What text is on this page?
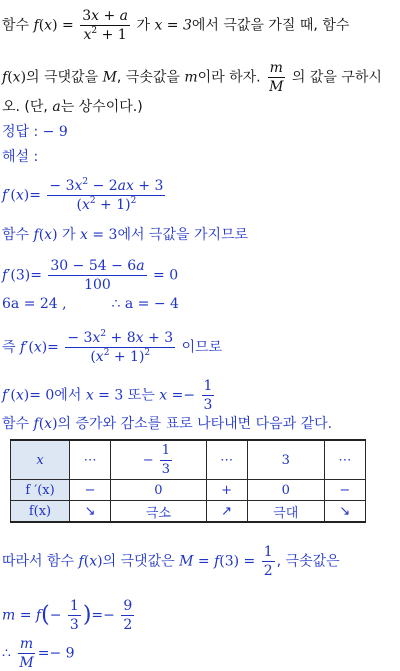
함수 $f(x) = \frac{3x + a}{x^2 + 1}$ 가 x = 3에서 극값을 가질 때, 함수
f(x)의 극댓값을 M, 극솟값을 m이라 하자. $\frac{m}{M}$ 의 값을 구하시
오. (단, a는 상수이다.)
정답 : − 9
해설 :
$f'(x)= \frac{- 3x^2 - 2ax + 3}{(x^2 + 1)^2}$
함수 f(x) 가 x = 3에서 극값을 가지므로
$f'(3)= \frac{30 - 54 - 6a}{100} = 0$
6a = 24 ,	∴ a = − 4
즉 $f'(x)= \frac{- 3x^2 + 8x + 3}{(x^2 + 1)^2}$ 이므로
f′(x)= 0에서 x = 3 또는 $x =- \frac{1}{3}$
함수 f(x)의 증가와 감소를 표로 나타내면 다음과 같다.
x	⋯	− $\frac{1}{3}$	⋯	3	⋯
f ′(x)	−	0	+	0	−
f(x)	↘	극소	↗	극대	↘
따라서 함수 f(x)의 극댓값은 $M = f(3) = \frac{1}{2}$ , 극솟값은
$m = f(- \frac{1}{3}$ )=− $\frac{9}{2}$
∴ $\frac{m}{M} =- 9$
